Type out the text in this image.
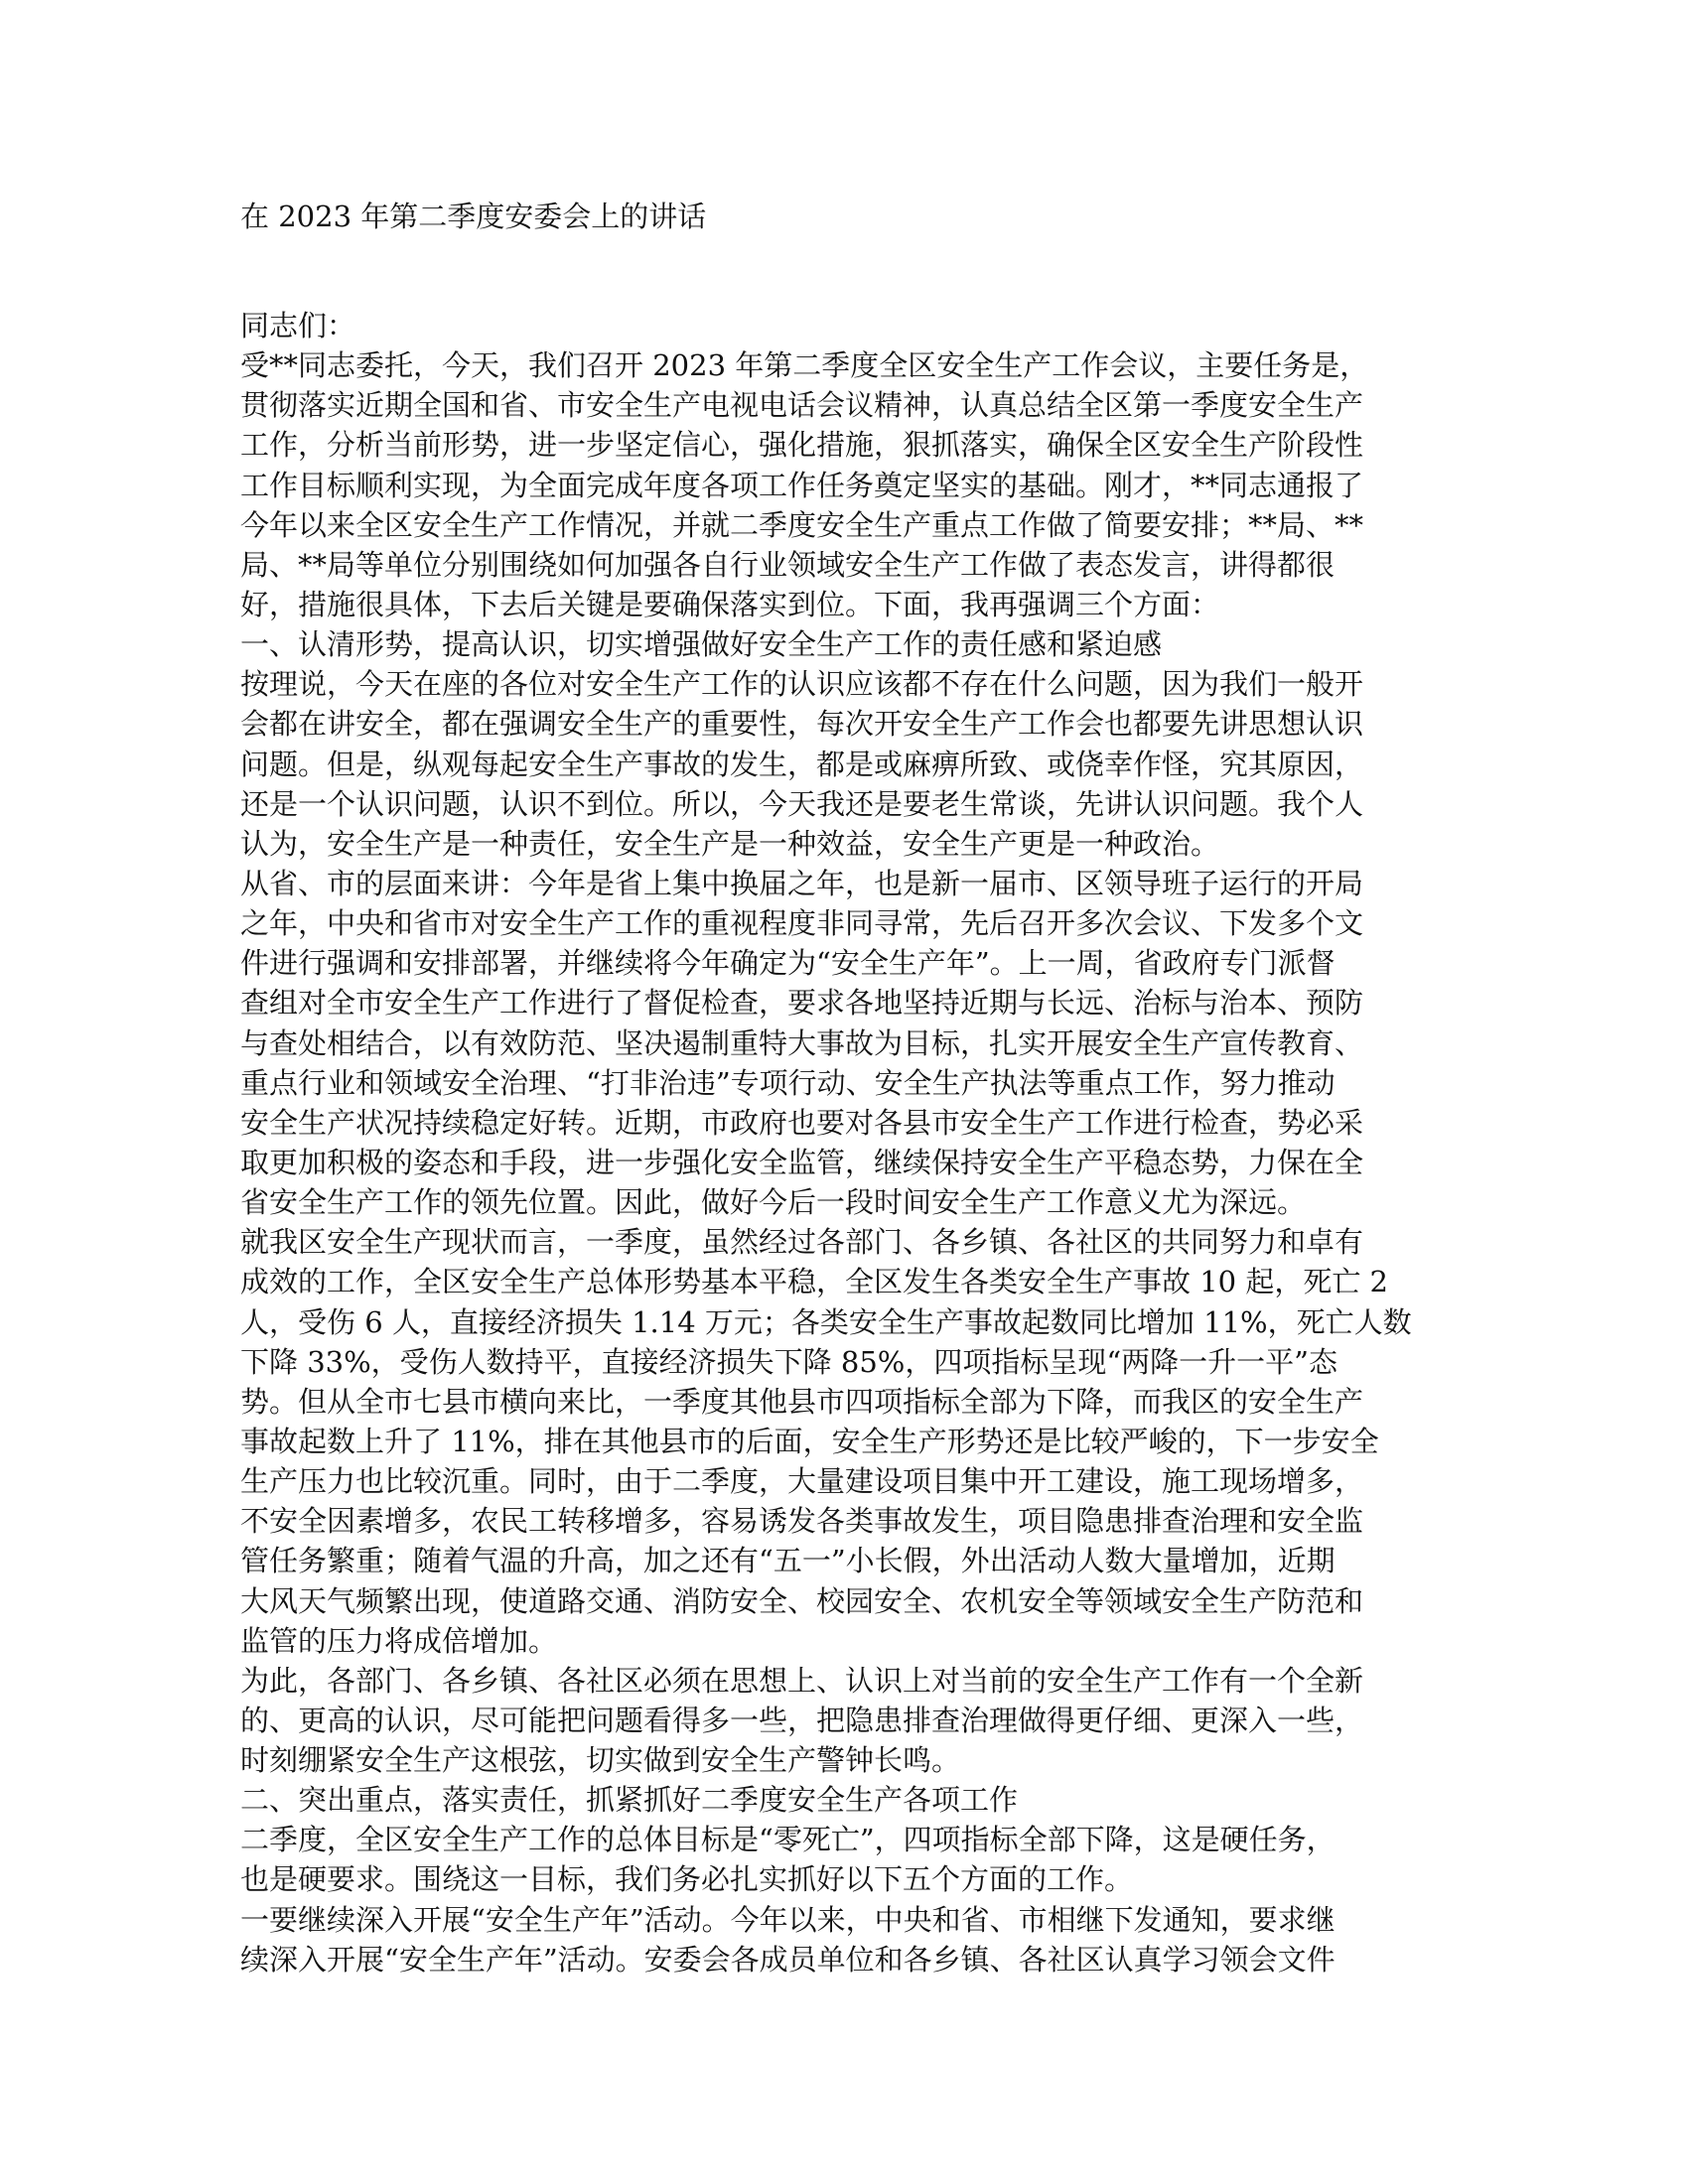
在 2023 年第二季度安委会上的讲话
同志们：
受**同志委托，今天，我们召开 2023 年第二季度全区安全生产工作会议，主要任务是，
贯彻落实近期全国和省、市安全生产电视电话会议精神，认真总结全区第一季度安全生产
工作，分析当前形势，进一步坚定信心，强化措施，狠抓落实，确保全区安全生产阶段性
工作目标顺利实现，为全面完成年度各项工作任务奠定坚实的基础。刚才，**同志通报了
今年以来全区安全生产工作情况，并就二季度安全生产重点工作做了简要安排；**局、**
局、**局等单位分别围绕如何加强各自行业领域安全生产工作做了表态发言，讲得都很
好，措施很具体，下去后关键是要确保落实到位。下面，我再强调三个方面：
一、认清形势，提高认识，切实增强做好安全生产工作的责任感和紧迫感
按理说，今天在座的各位对安全生产工作的认识应该都不存在什么问题，因为我们一般开
会都在讲安全，都在强调安全生产的重要性，每次开安全生产工作会也都要先讲思想认识
问题。但是，纵观每起安全生产事故的发生，都是或麻痹所致、或侥幸作怪，究其原因，
还是一个认识问题，认识不到位。所以，今天我还是要老生常谈，先讲认识问题。我个人
认为，安全生产是一种责任，安全生产是一种效益，安全生产更是一种政治。
从省、市的层面来讲：今年是省上集中换届之年，也是新一届市、区领导班子运行的开局
之年，中央和省市对安全生产工作的重视程度非同寻常，先后召开多次会议、下发多个文
件进行强调和安排部署，并继续将今年确定为“安全生产年”。上一周，省政府专门派督
查组对全市安全生产工作进行了督促检查，要求各地坚持近期与长远、治标与治本、预防
与查处相结合，以有效防范、坚决遏制重特大事故为目标，扎实开展安全生产宣传教育、
重点行业和领域安全治理、“打非治违”专项行动、安全生产执法等重点工作，努力推动
安全生产状况持续稳定好转。近期，市政府也要对各县市安全生产工作进行检查，势必采
取更加积极的姿态和手段，进一步强化安全监管，继续保持安全生产平稳态势，力保在全
省安全生产工作的领先位置。因此，做好今后一段时间安全生产工作意义尤为深远。
就我区安全生产现状而言，一季度，虽然经过各部门、各乡镇、各社区的共同努力和卓有
成效的工作，全区安全生产总体形势基本平稳，全区发生各类安全生产事故 10 起，死亡 2
人，受伤 6 人，直接经济损失 1.14 万元；各类安全生产事故起数同比增加 11%，死亡人数
下降 33%，受伤人数持平，直接经济损失下降 85%，四项指标呈现“两降一升一平”态
势。但从全市七县市横向来比，一季度其他县市四项指标全部为下降，而我区的安全生产
事故起数上升了 11%，排在其他县市的后面，安全生产形势还是比较严峻的，下一步安全
生产压力也比较沉重。同时，由于二季度，大量建设项目集中开工建设，施工现场增多，
不安全因素增多，农民工转移增多，容易诱发各类事故发生，项目隐患排查治理和安全监
管任务繁重；随着气温的升高，加之还有“五一”小长假，外出活动人数大量增加，近期
大风天气频繁出现，使道路交通、消防安全、校园安全、农机安全等领域安全生产防范和
监管的压力将成倍增加。
为此，各部门、各乡镇、各社区必须在思想上、认识上对当前的安全生产工作有一个全新
的、更高的认识，尽可能把问题看得多一些，把隐患排查治理做得更仔细、更深入一些，
时刻绷紧安全生产这根弦，切实做到安全生产警钟长鸣。
二、突出重点，落实责任，抓紧抓好二季度安全生产各项工作
二季度，全区安全生产工作的总体目标是“零死亡”，四项指标全部下降，这是硬任务，
也是硬要求。围绕这一目标，我们务必扎实抓好以下五个方面的工作。
一要继续深入开展“安全生产年”活动。今年以来，中央和省、市相继下发通知，要求继
续深入开展“安全生产年”活动。安委会各成员单位和各乡镇、各社区认真学习领会文件
